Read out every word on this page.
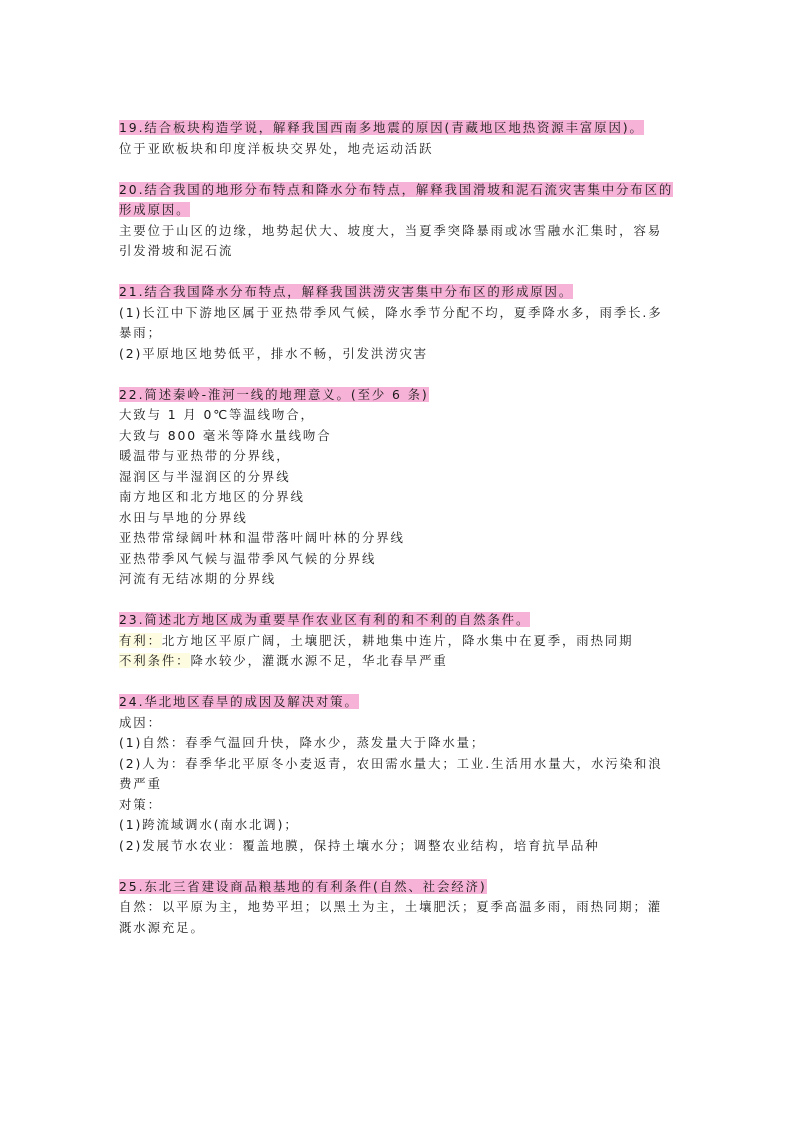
19.结合板块构造学说，解释我国西南多地震的原因(青藏地区地热资源丰富原因)。

位于亚欧板块和印度洋板块交界处，地壳运动活跃

20.结合我国的地形分布特点和降水分布特点，解释我国滑坡和泥石流灾害集中分布区的形成原因。

主要位于山区的边缘，地势起伏大、坡度大，当夏季突降暴雨或冰雪融水汇集时，容易引发滑坡和泥石流

21.结合我国降水分布特点，解释我国洪涝灾害集中分布区的形成原因。

(1)长江中下游地区属于亚热带季风气候，降水季节分配不均，夏季降水多，雨季长.多暴雨；

(2)平原地区地势低平，排水不畅，引发洪涝灾害

22.简述秦岭-淮河一线的地理意义。(至少 6 条)

大致与 1 月 0℃等温线吻合，

大致与 800 毫米等降水量线吻合

暖温带与亚热带的分界线，

湿润区与半湿润区的分界线

南方地区和北方地区的分界线

水田与旱地的分界线

亚热带常绿阔叶林和温带落叶阔叶林的分界线

亚热带季风气候与温带季风气候的分界线

河流有无结冰期的分界线

23.简述北方地区成为重要旱作农业区有利的和不利的自然条件。

有利：北方地区平原广阔，土壤肥沃，耕地集中连片，降水集中在夏季，雨热同期

不利条件：降水较少，灌溉水源不足，华北春旱严重

24.华北地区春旱的成因及解决对策。

成因：

(1)自然：春季气温回升快，降水少，蒸发量大于降水量；

(2)人为：春季华北平原冬小麦返青，农田需水量大；工业.生活用水量大，水污染和浪费严重

对策：

(1)跨流域调水(南水北调)；

(2)发展节水农业：覆盖地膜，保持土壤水分；调整农业结构，培育抗旱品种

25.东北三省建设商品粮基地的有利条件(自然、社会经济)

自然：以平原为主，地势平坦；以黑土为主，土壤肥沃；夏季高温多雨，雨热同期；灌溉水源充足。
